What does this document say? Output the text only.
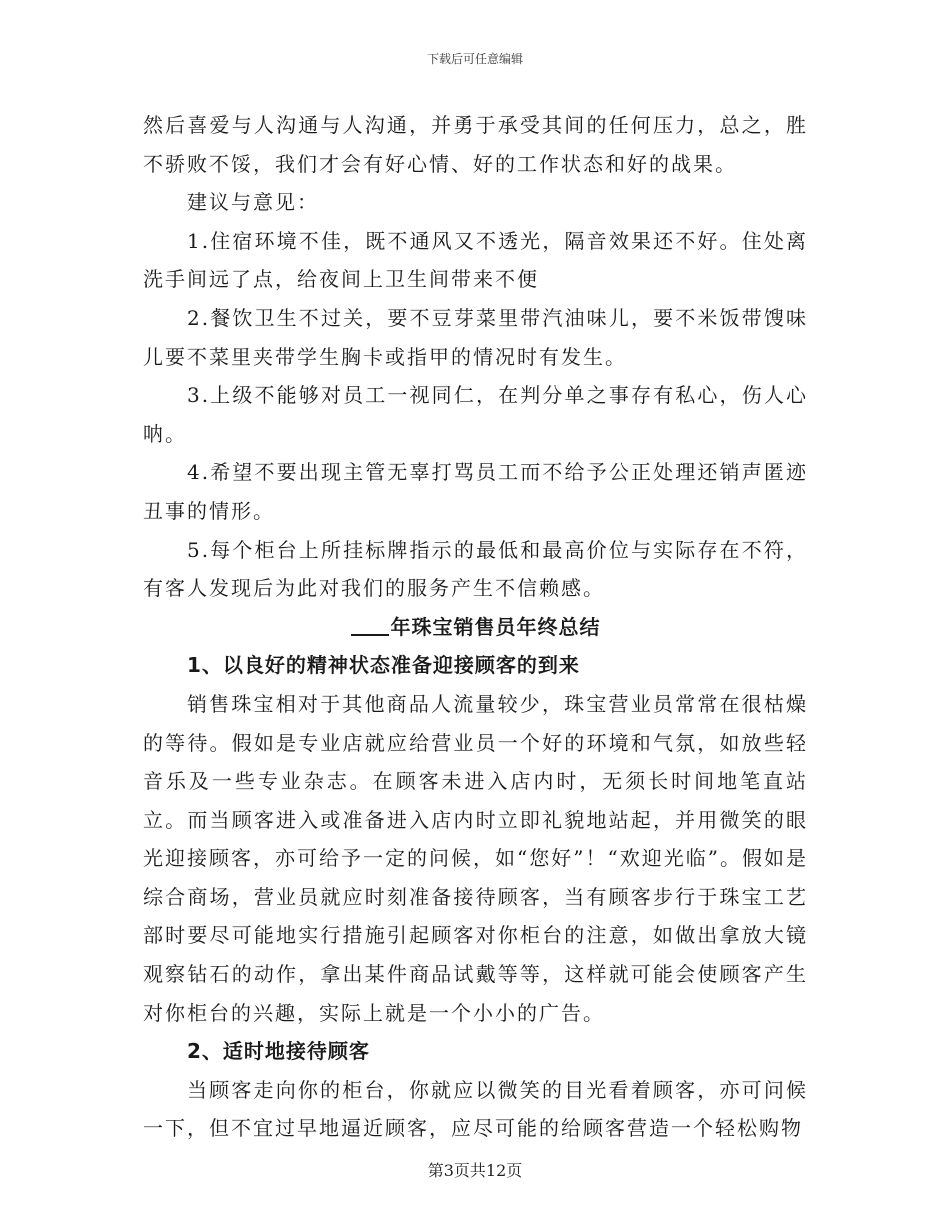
下载后可任意编辑

然后喜爱与人沟通与人沟通，并勇于承受其间的任何压力，总之，胜不骄败不馁，我们才会有好心情、好的工作状态和好的战果。

建议与意见：

1.住宿环境不佳，既不通风又不透光，隔音效果还不好。住处离洗手间远了点，给夜间上卫生间带来不便

2.餐饮卫生不过关，要不豆芽菜里带汽油味儿，要不米饭带馊味儿要不菜里夹带学生胸卡或指甲的情况时有发生。

3.上级不能够对员工一视同仁，在判分单之事存有私心，伤人心呐。

4.希望不要出现主管无辜打骂员工而不给予公正处理还销声匿迹丑事的情形。

5.每个柜台上所挂标牌指示的最低和最高价位与实际存在不符，有客人发现后为此对我们的服务产生不信赖感。

年珠宝销售员年终总结

1、以良好的精神状态准备迎接顾客的到来

销售珠宝相对于其他商品人流量较少，珠宝营业员常常在很枯燥的等待。假如是专业店就应给营业员一个好的环境和气氛，如放些轻音乐及一些专业杂志。在顾客未进入店内时，无须长时间地笔直站立。而当顾客进入或准备进入店内时立即礼貌地站起，并用微笑的眼光迎接顾客，亦可给予一定的问候，如“您好”！“欢迎光临”。假如是综合商场，营业员就应时刻准备接待顾客，当有顾客步行于珠宝工艺部时要尽可能地实行措施引起顾客对你柜台的注意，如做出拿放大镜观察钻石的动作，拿出某件商品试戴等等，这样就可能会使顾客产生对你柜台的兴趣，实际上就是一个小小的广告。

2、适时地接待顾客

当顾客走向你的柜台，你就应以微笑的目光看着顾客，亦可问候一下，但不宜过早地逼近顾客，应尽可能的给顾客营造一个轻松购物

第3页共12页
